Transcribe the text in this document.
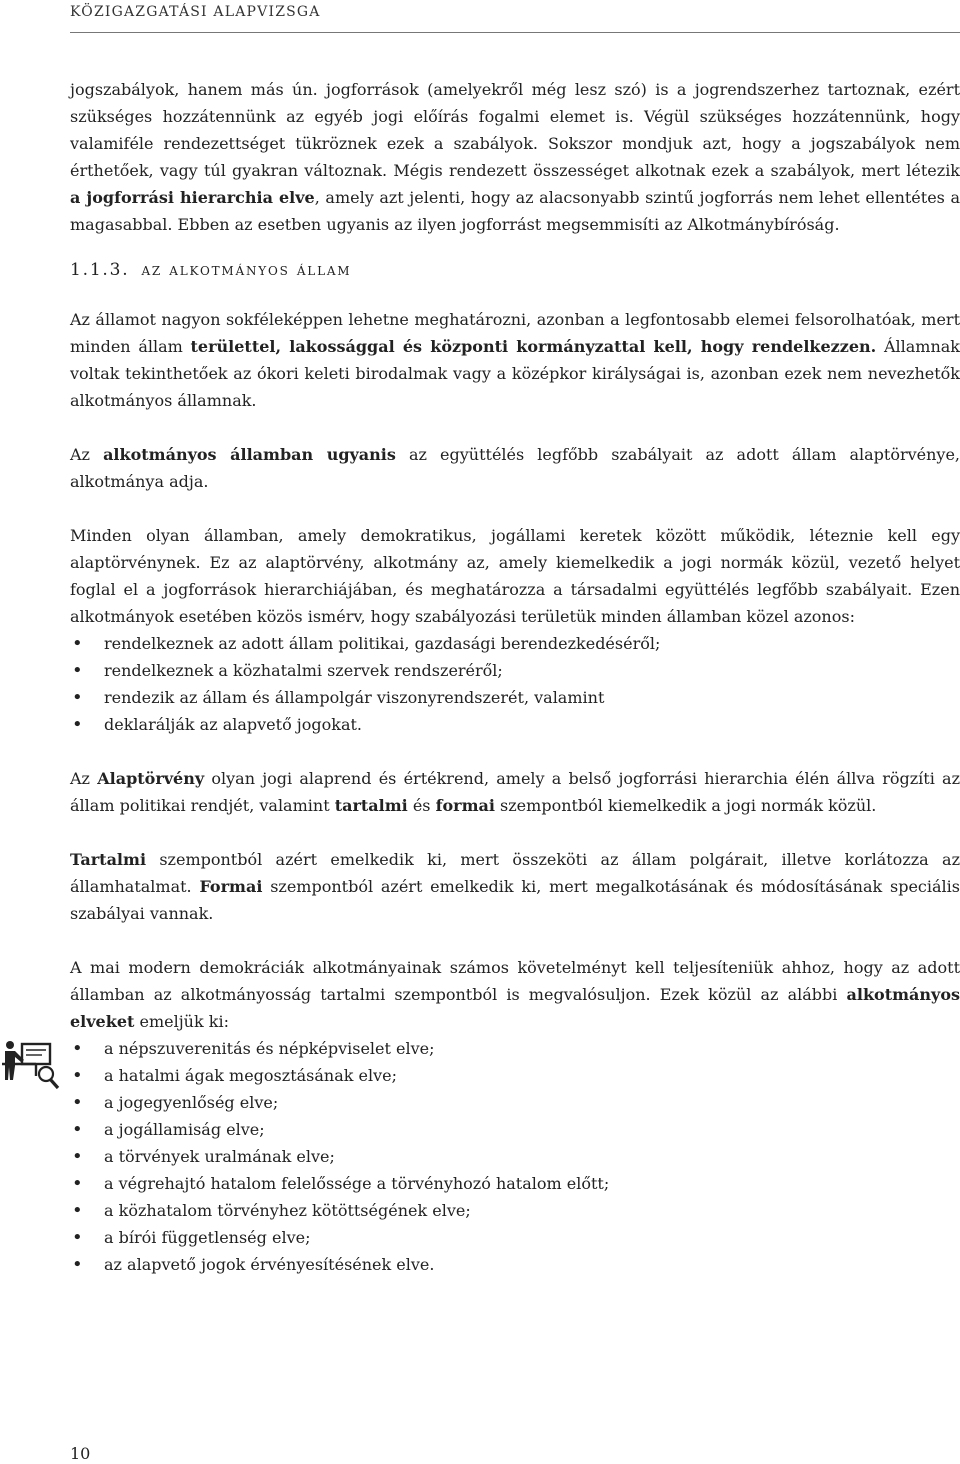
KÖZIGAZGATÁSI ALAPVIZSGA

jogszabályok, hanem más ún. jogforrások (amelyekről még lesz szó) is a jogrendszerhez tartoznak, ezért szükséges hozzátennünk az egyéb jogi előírás fogalmi elemet is. Végül szükséges hozzátennünk, hogy valamiféle rendezettséget tükröznek ezek a szabályok. Sokszor mondjuk azt, hogy a jogszabályok nem érthetőek, vagy túl gyakran változnak. Mégis rendezett összességet alkotnak ezek a szabályok, mert létezik a jogforrási hierarchia elve, amely azt jelenti, hogy az alacsonyabb szintű jogforrás nem lehet ellentétes a magasabbal. Ebben az esetben ugyanis az ilyen jogforrást megsemmisíti az Alkotmánybíróság.

1.1.3. az alkotmányos állam

Az államot nagyon sokféleképpen lehetne meghatározni, azonban a legfontosabb elemei felsorolhatóak, mert minden állam területtel, lakossággal és központi kormányzattal kell, hogy rendelkezzen. Államnak voltak tekinthetőek az ókori keleti birodalmak vagy a középkor királyságai is, azonban ezek nem nevezhetők alkotmányos államnak.

Az alkotmányos államban ugyanis az együttélés legfőbb szabályait az adott állam alaptörvénye, alkotmánya adja.

Minden olyan államban, amely demokratikus, jogállami keretek között működik, léteznie kell egy alaptörvénynek. Ez az alaptörvény, alkotmány az, amely kiemelkedik a jogi normák közül, vezető helyet foglal el a jogforrások hierarchiájában, és meghatározza a társadalmi együttélés legfőbb szabályait. Ezen alkotmányok esetében közös ismérv, hogy szabályozási területük minden államban közel azonos:

• rendelkeznek az adott állam politikai, gazdasági berendezkedéséről;
• rendelkeznek a közhatalmi szervek rendszeréről;
• rendezik az állam és állampolgár viszonyrendszerét, valamint
• deklarálják az alapvető jogokat.

Az Alaptörvény olyan jogi alaprend és értékrend, amely a belső jogforrási hierarchia élén állva rögzíti az állam politikai rendjét, valamint tartalmi és formai szempontból kiemelkedik a jogi normák közül.

Tartalmi szempontból azért emelkedik ki, mert összeköti az állam polgárait, illetve korlátozza az államhatalmat. Formai szempontból azért emelkedik ki, mert megalkotásának és módosításának speciális szabályai vannak.

A mai modern demokráciák alkotmányainak számos követelményt kell teljesíteniük ahhoz, hogy az adott államban az alkotmányosság tartalmi szempontból is megvalósuljon. Ezek közül az alábbi alkotmányos elveket emeljük ki:

• a népszuverenitás és népképviselet elve;
• a hatalmi ágak megosztásának elve;
• a jogegyenlőség elve;
• a jogállamiság elve;
• a törvények uralmának elve;
• a végrehajtó hatalom felelőssége a törvényhozó hatalom előtt;
• a közhatalom törvényhez kötöttségének elve;
• a bírói függetlenség elve;
• az alapvető jogok érvényesítésének elve.
10
